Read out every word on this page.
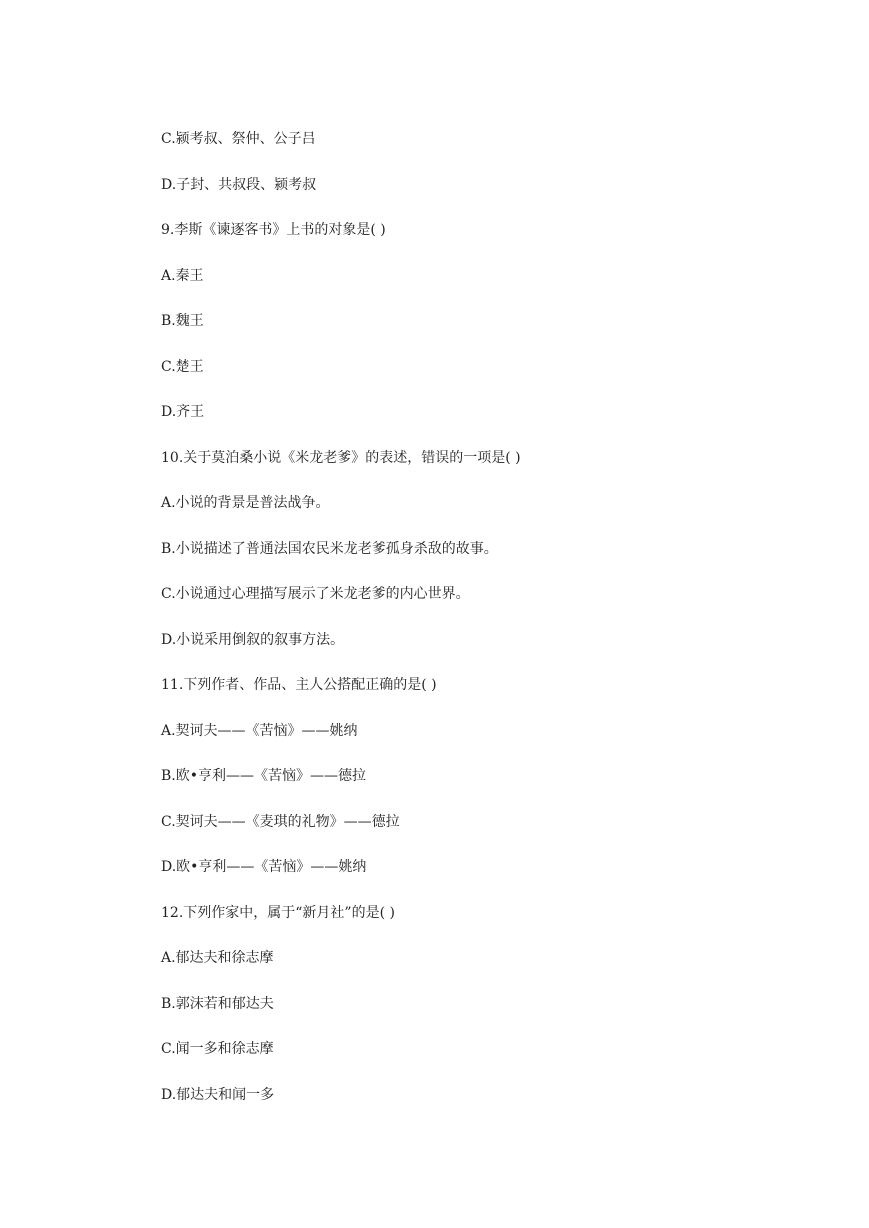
C.颍考叔、祭仲、公子吕
D.子封、共叔段、颍考叔
9.李斯《谏逐客书》上书的对象是( )
A.秦王
B.魏王
C.楚王
D.齐王
10.关于莫泊桑小说《米龙老爹》的表述，错误的一项是( )
A.小说的背景是普法战争。
B.小说描述了普通法国农民米龙老爹孤身杀敌的故事。
C.小说通过心理描写展示了米龙老爹的内心世界。
D.小说采用倒叙的叙事方法。
11.下列作者、作品、主人公搭配正确的是( )
A.契诃夫——《苦恼》——姚纳
B.欧•亨利——《苦恼》——德拉
C.契诃夫——《麦琪的礼物》——德拉
D.欧•亨利——《苦恼》——姚纳
12.下列作家中，属于“新月社”的是( )
A.郁达夫和徐志摩
B.郭沫若和郁达夫
C.闻一多和徐志摩
D.郁达夫和闻一多
